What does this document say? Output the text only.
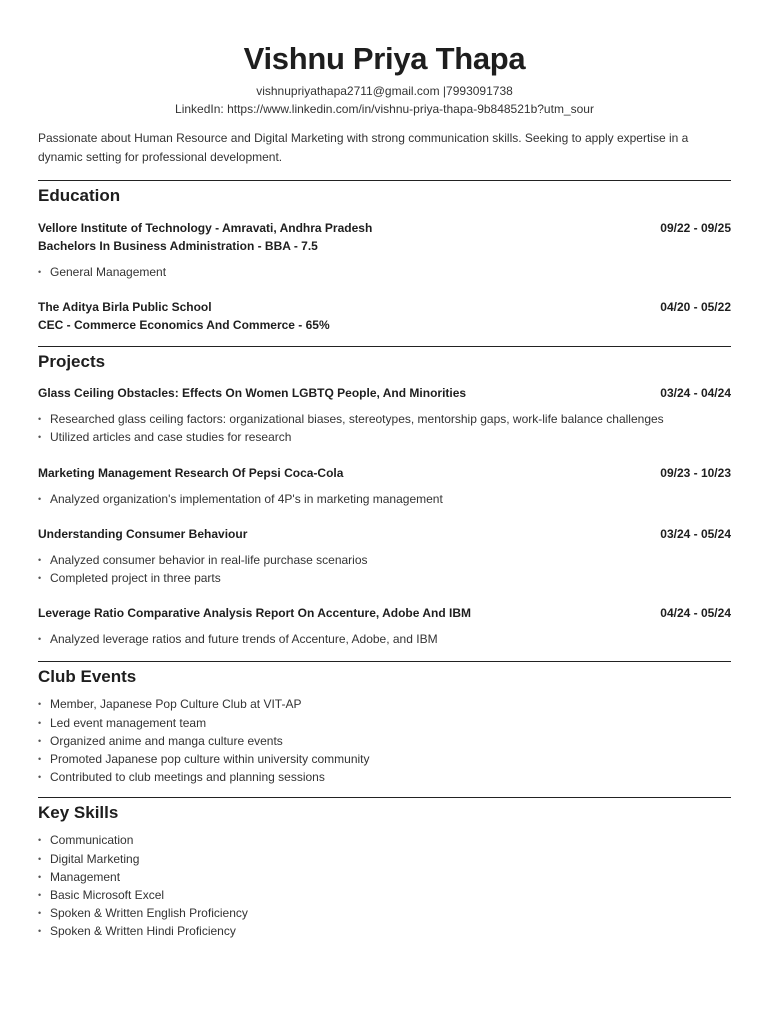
Vishnu Priya Thapa
vishnupriyathapa2711@gmail.com |7993091738
LinkedIn: https://www.linkedin.com/in/vishnu-priya-thapa-9b848521b?utm_sour
Passionate about Human Resource and Digital Marketing with strong communication skills. Seeking to apply expertise in a dynamic setting for professional development.
Education
Vellore Institute of Technology - Amravati, Andhra Pradesh	09/22 - 09/25
Bachelors In Business Administration - BBA - 7.5
• General Management
The Aditya Birla Public School	04/20 - 05/22
CEC - Commerce Economics And Commerce - 65%
Projects
Glass Ceiling Obstacles: Effects On Women LGBTQ People, And Minorities	03/24 - 04/24
• Researched glass ceiling factors: organizational biases, stereotypes, mentorship gaps, work-life balance challenges
• Utilized articles and case studies for research
Marketing Management Research Of Pepsi Coca-Cola	09/23 - 10/23
• Analyzed organization's implementation of 4P's in marketing management
Understanding Consumer Behaviour	03/24 - 05/24
• Analyzed consumer behavior in real-life purchase scenarios
• Completed project in three parts
Leverage Ratio Comparative Analysis Report On Accenture, Adobe And IBM	04/24 - 05/24
• Analyzed leverage ratios and future trends of Accenture, Adobe, and IBM
Club Events
• Member, Japanese Pop Culture Club at VIT-AP
• Led event management team
• Organized anime and manga culture events
• Promoted Japanese pop culture within university community
• Contributed to club meetings and planning sessions
Key Skills
• Communication
• Digital Marketing
• Management
• Basic Microsoft Excel
• Spoken & Written English Proficiency
• Spoken & Written Hindi Proficiency
